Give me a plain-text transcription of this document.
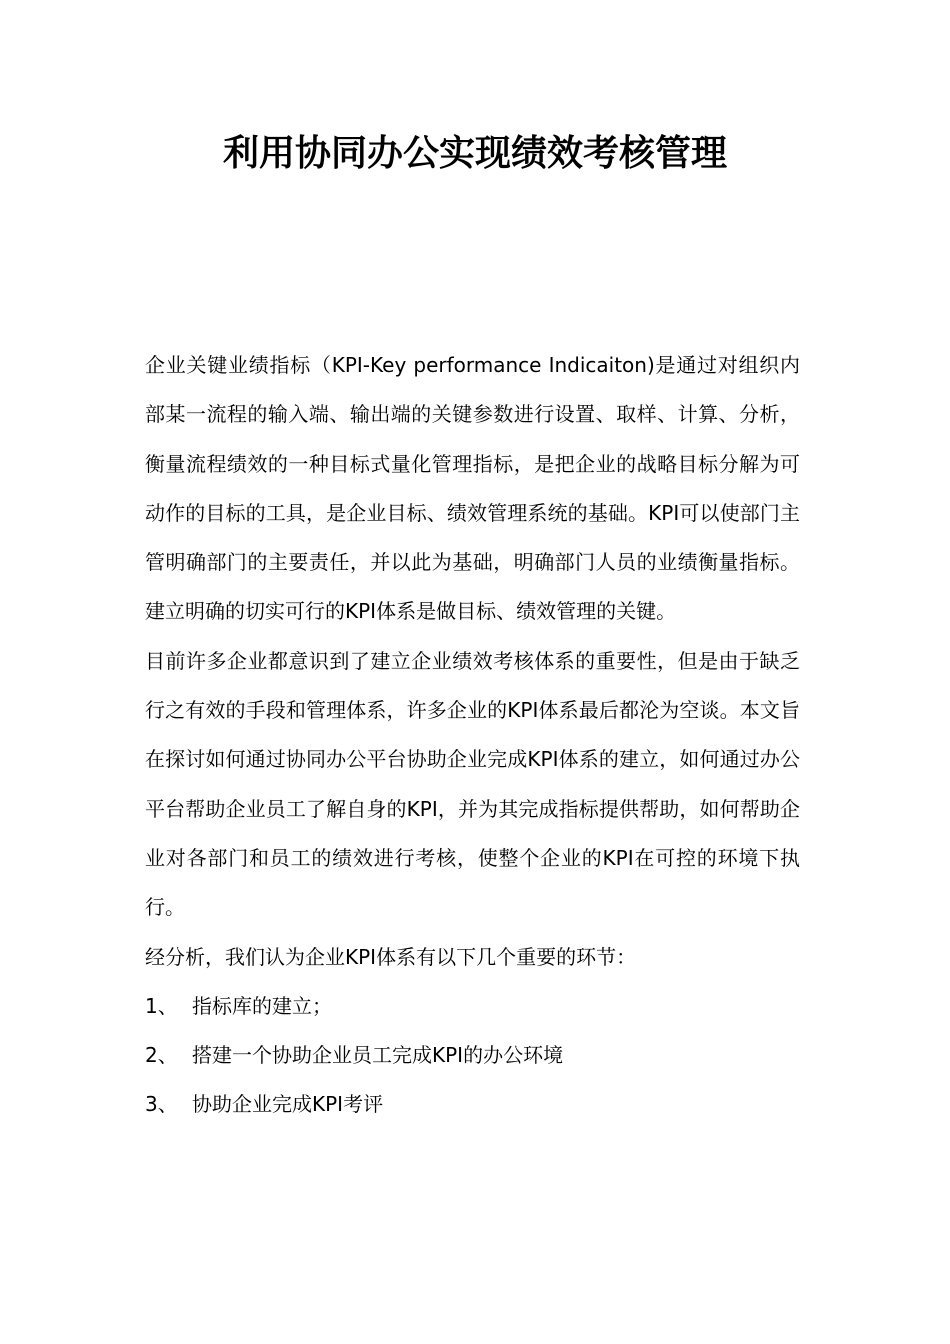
利用协同办公实现绩效考核管理

企业关键业绩指标（KPI-Key performance Indicaiton)是通过对组织内部某一流程的输入端、输出端的关键参数进行设置、取样、计算、分析，衡量流程绩效的一种目标式量化管理指标，是把企业的战略目标分解为可动作的目标的工具，是企业目标、绩效管理系统的基础。KPI可以使部门主管明确部门的主要责任，并以此为基础，明确部门人员的业绩衡量指标。建立明确的切实可行的KPI体系是做目标、绩效管理的关键。

目前许多企业都意识到了建立企业绩效考核体系的重要性，但是由于缺乏行之有效的手段和管理体系，许多企业的KPI体系最后都沦为空谈。本文旨在探讨如何通过协同办公平台协助企业完成KPI体系的建立，如何通过办公平台帮助企业员工了解自身的KPI，并为其完成指标提供帮助，如何帮助企业对各部门和员工的绩效进行考核，使整个企业的KPI在可控的环境下执行。

经分析，我们认为企业KPI体系有以下几个重要的环节：

1、 指标库的建立；
2、 搭建一个协助企业员工完成KPI的办公环境
3、 协助企业完成KPI考评
